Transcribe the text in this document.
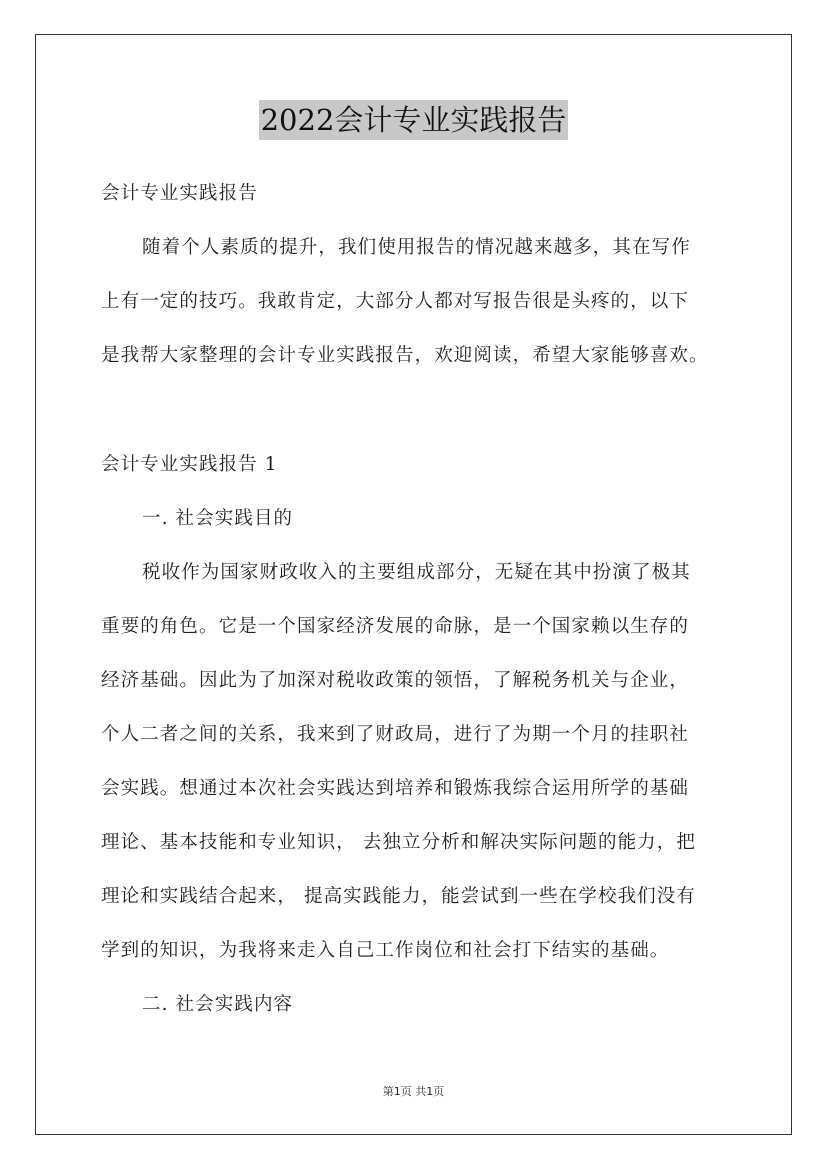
2022会计专业实践报告
会计专业实践报告
随着个人素质的提升，我们使用报告的情况越来越多，其在写作
上有一定的技巧。我敢肯定，大部分人都对写报告很是头疼的，以下
是我帮大家整理的会计专业实践报告，欢迎阅读，希望大家能够喜欢。
会计专业实践报告 1
一. 社会实践目的
税收作为国家财政收入的主要组成部分，无疑在其中扮演了极其
重要的角色。它是一个国家经济发展的命脉，是一个国家赖以生存的
经济基础。因此为了加深对税收政策的领悟，了解税务机关与企业，
个人二者之间的关系，我来到了财政局，进行了为期一个月的挂职社
会实践。想通过本次社会实践达到培养和锻炼我综合运用所学的基础
理论、基本技能和专业知识， 去独立分析和解决实际问题的能力，把
理论和实践结合起来， 提高实践能力，能尝试到一些在学校我们没有
学到的知识，为我将来走入自己工作岗位和社会打下结实的基础。
二. 社会实践内容
第1页 共1页
